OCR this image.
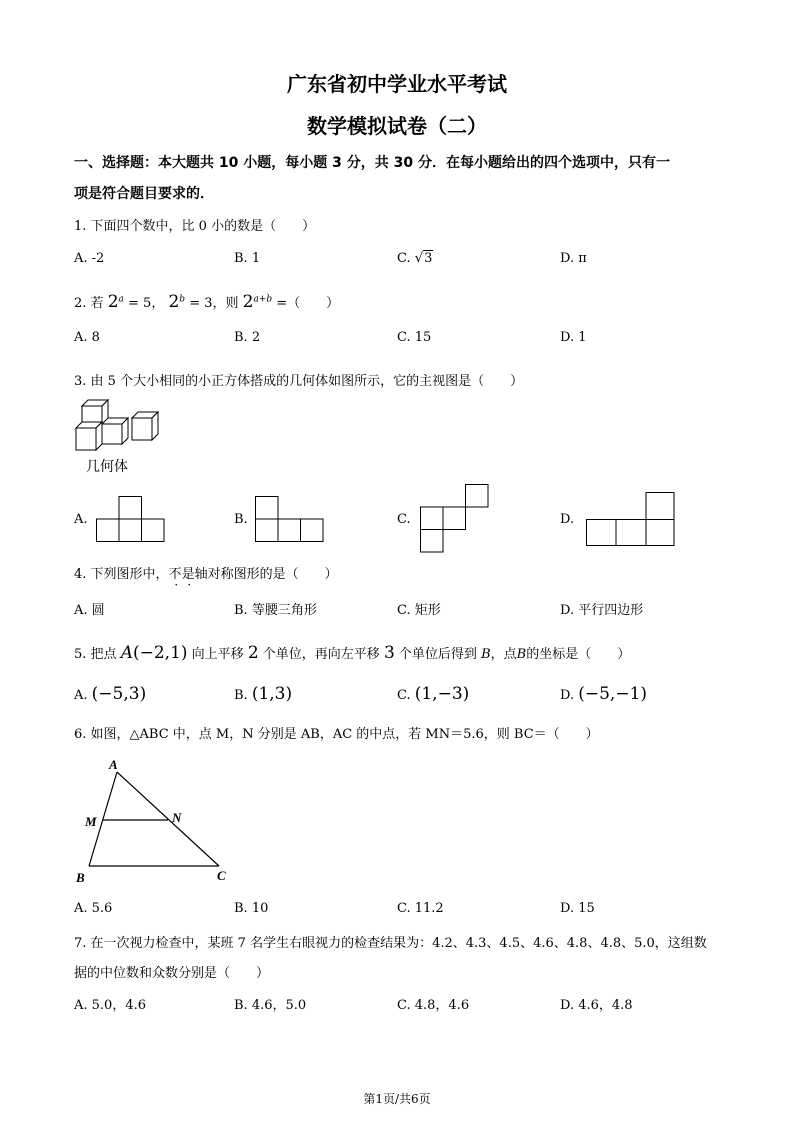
广东省初中学业水平考试
数学模拟试卷（二）
一、选择题：本大题共 10 小题，每小题 3 分，共 30 分．在每小题给出的四个选项中，只有一
项是符合题目要求的．
1. 下面四个数中，比 0 小的数是（　　）
A. -2	B. 1	C. √3	D. π
2. 若 $2^a = 5$， $2^b = 3$，则 $2^{a+b}$ =（　　）
A. 8	B. 2	C. 15	D. 1
3. 由 5 个大小相同的小正方体搭成的几何体如图所示，它的主视图是（　　）
几何体
A.	B.	C.	D.
4. 下列图形中，不是轴对称图形的是（　　）
A. 圆	B. 等腰三角形	C. 矩形	D. 平行四边形
5. 把点 A(−2,1) 向上平移 2 个单位，再向左平移 3 个单位后得到 B，点B的坐标是（　　）
A. (−5,3)	B. (1,3)	C. (1,−3)	D. (−5,−1)
6. 如图，△ABC 中，点 M，N 分别是 AB，AC 的中点，若 MN＝5.6，则 BC＝（　　）
A
M	N
B	C
A. 5.6	B. 10	C. 11.2	D. 15
7. 在一次视力检查中，某班 7 名学生右眼视力的检查结果为：4.2、4.3、4.5、4.6、4.8、4.8、5.0，这组数
据的中位数和众数分别是（　　）
A. 5.0，4.6	B. 4.6，5.0	C. 4.8，4.6	D. 4.6，4.8
第1页/共6页
